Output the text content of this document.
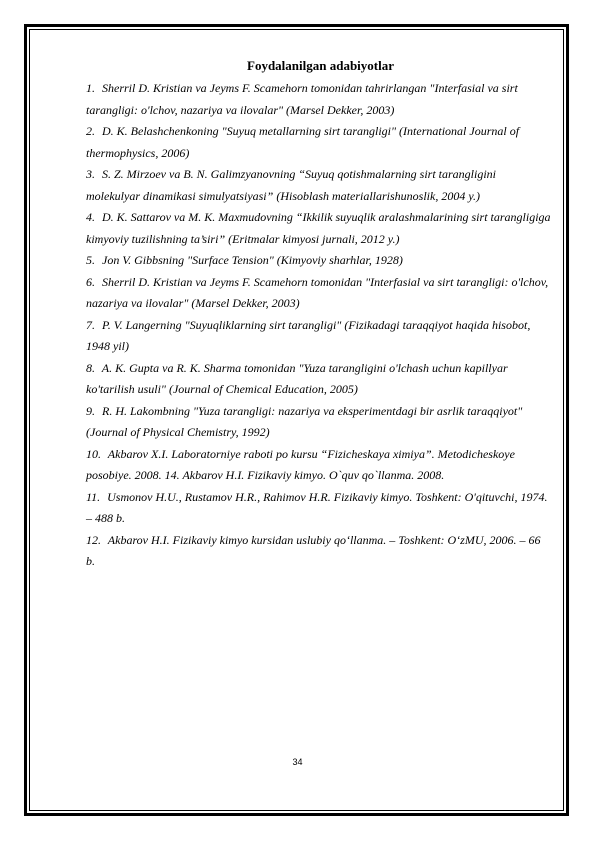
Foydalanilgan adabiyotlar

1. Sherril D. Kristian va Jeyms F. Scamehorn tomonidan tahrirlangan "Interfasial va sirt tarangligi: o'lchov, nazariya va ilovalar" (Marsel Dekker, 2003)

2. D. K. Belashchenkoning "Suyuq metallarning sirt tarangligi" (International Journal of thermophysics, 2006)

3. S. Z. Mirzoev va B. N. Galimzyanovning “Suyuq qotishmalarning sirt tarangligini molekulyar dinamikasi simulyatsiyasi” (Hisoblash materiallarishunoslik, 2004 y.)

4. D. K. Sattarov va M. K. Maxmudovning “Ikkilik suyuqlik aralashmalarining sirt tarangligiga kimyoviy tuzilishning ta’siri” (Eritmalar kimyosi jurnali, 2012 y.)

5. Jon V. Gibbsning "Surface Tension" (Kimyoviy sharhlar, 1928)

6. Sherril D. Kristian va Jeyms F. Scamehorn tomonidan "Interfasial va sirt tarangligi: o'lchov, nazariya va ilovalar" (Marsel Dekker, 2003)

7. P. V. Langerning "Suyuqliklarning sirt tarangligi" (Fizikadagi taraqqiyot haqida hisobot, 1948 yil)

8. A. K. Gupta va R. K. Sharma tomonidan "Yuza tarangligini o'lchash uchun kapillyar ko'tarilish usuli" (Journal of Chemical Education, 2005)

9. R. H. Lakombning "Yuza tarangligi: nazariya va eksperimentdagi bir asrlik taraqqiyot" (Journal of Physical Chemistry, 1992)

10. Akbarov X.I. Laboratorniye raboti po kursu “Fizicheskaya ximiya”. Metodicheskoye posobiye. 2008. 14. Akbarov H.I. Fizikaviy kimyo. O`quv qo`llanma. 2008.

11. Usmonov H.U., Rustamov H.R., Rahimov H.R. Fizikaviy kimyo. Toshkent: O'qituvchi, 1974. – 488 b.

12. Akbarov H.I. Fizikaviy kimyo kursidan uslubiy qo‘llanma. – Toshkent: O‘zMU, 2006. – 66 b.

34
